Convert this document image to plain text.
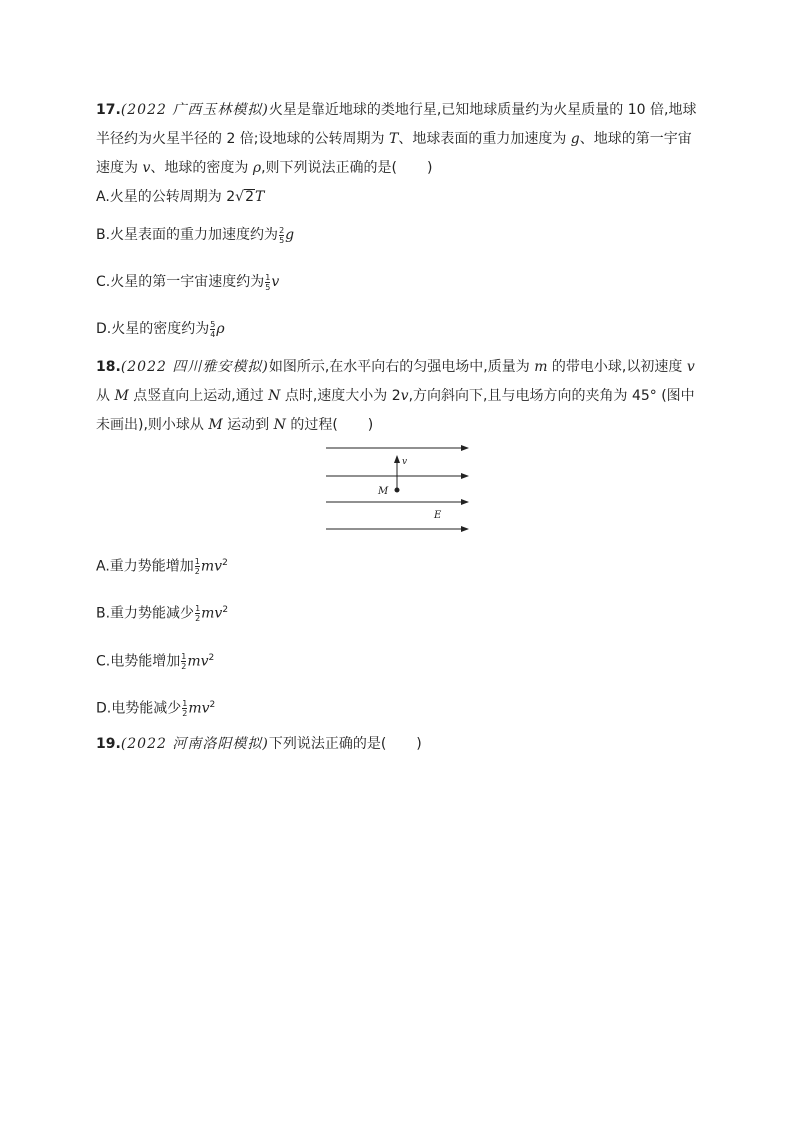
17.(2022 广西玉林模拟)火星是靠近地球的类地行星,已知地球质量约为火星质量的 10 倍,地球半径约为火星半径的 2 倍;设地球的公转周期为 T、地球表面的重力加速度为 g、地球的第一宇宙速度为 v、地球的密度为 ρ,则下列说法正确的是( )
A.火星的公转周期为 2√2T
B.火星表面的重力加速度约为 $\frac{2}{5}$ g
C.火星的第一宇宙速度约为 $\frac{1}{5}$ v
D.火星的密度约为 $\frac{5}{4}$ ρ
18.(2022 四川雅安模拟)如图所示,在水平向右的匀强电场中,质量为 m 的带电小球,以初速度 v 从 M 点竖直向上运动,通过 N 点时,速度大小为 2v,方向斜向下,且与电场方向的夹角为 45° (图中未画出),则小球从 M 运动到 N 的过程( )
v
M
E
A.重力势能增加 $\frac{1}{2} mv^2$
B.重力势能减少 $\frac{1}{2} mv^2$
C.电势能增加 $\frac{1}{2} mv^2$
D.电势能减少 $\frac{1}{2} mv^2$
19.(2022 河南洛阳模拟)下列说法正确的是( )
